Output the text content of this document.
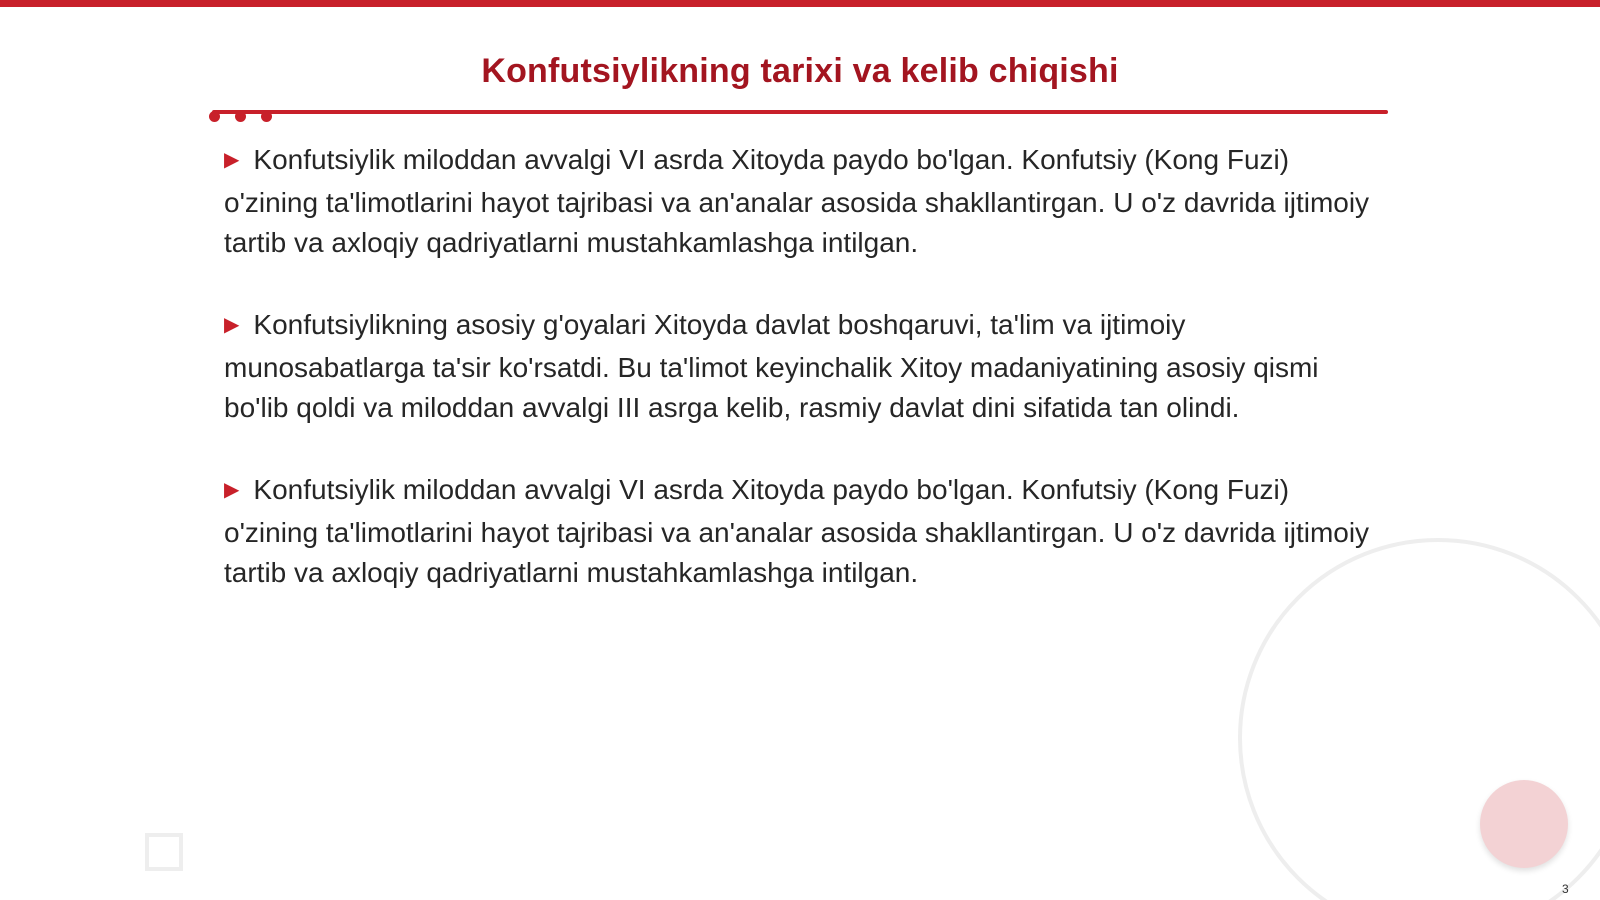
Konfutsiylikning tarixi va kelib chiqishi
▶ Konfutsiylik miloddan avvalgi VI asrda Xitoyda paydo bo'lgan. Konfutsiy (Kong Fuzi) o'zining ta'limotlarini hayot tajribasi va an'analar asosida shakllantirgan. U o'z davrida ijtimoiy tartib va axloqiy qadriyatlarni mustahkamlashga intilgan.
▶ Konfutsiylikning asosiy g'oyalari Xitoyda davlat boshqaruvi, ta'lim va ijtimoiy munosabatlarga ta'sir ko'rsatdi. Bu ta'limot keyinchalik Xitoy madaniyatining asosiy qismi bo'lib qoldi va miloddan avvalgi III asrga kelib, rasmiy davlat dini sifatida tan olindi.
▶ Konfutsiylik miloddan avvalgi VI asrda Xitoyda paydo bo'lgan. Konfutsiy (Kong Fuzi) o'zining ta'limotlarini hayot tajribasi va an'analar asosida shakllantirgan. U o'z davrida ijtimoiy tartib va axloqiy qadriyatlarni mustahkamlashga intilgan.
3
